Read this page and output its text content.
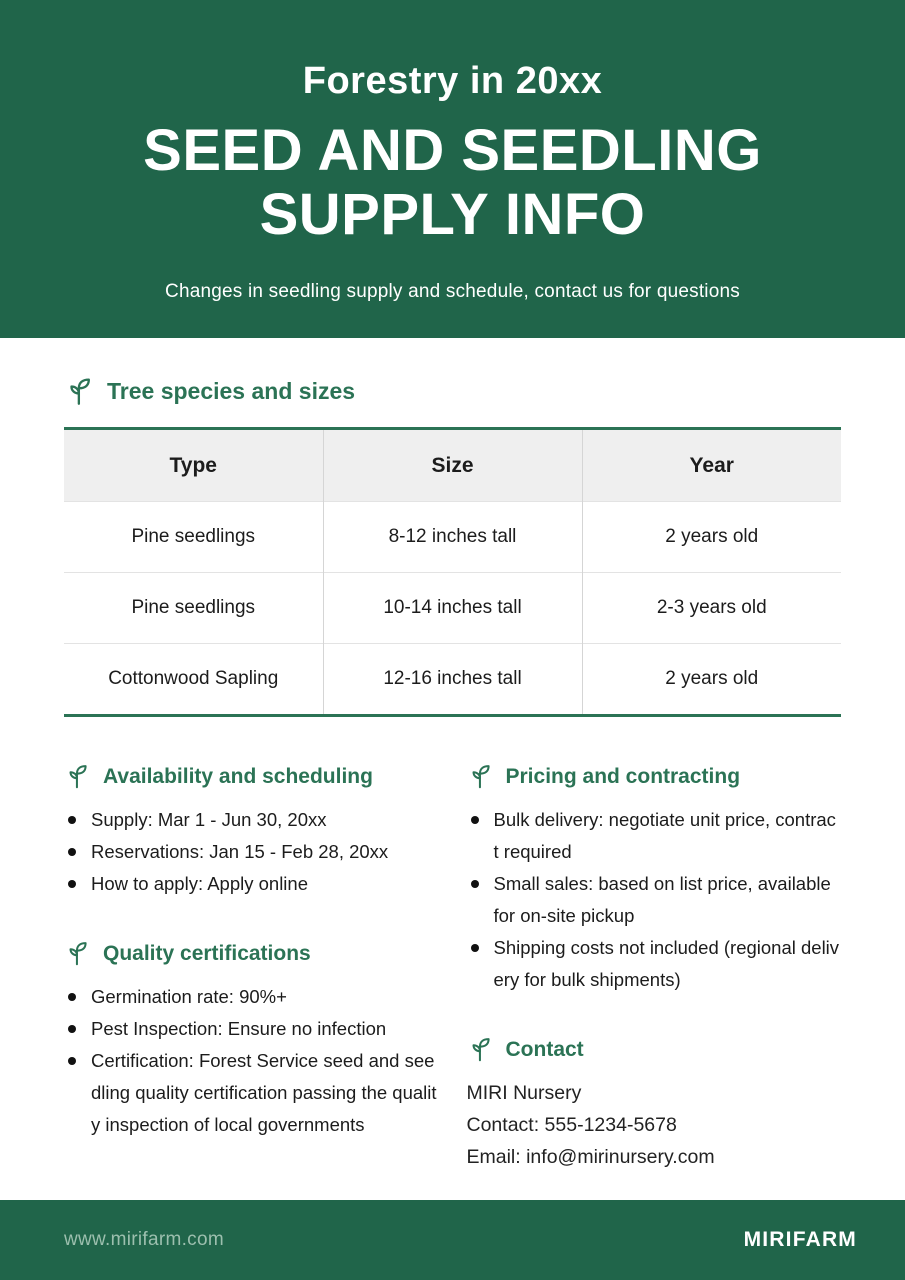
Forestry in 20xx
SEED AND SEEDLING SUPPLY INFO
Changes in seedling supply and schedule, contact us for questions
Tree species and sizes
Type	Size	Year
Pine seedlings	8-12 inches tall	2 years old
Pine seedlings	10-14 inches tall	2-3 years old
Cottonwood Sapling	12-16 inches tall	2 years old
Availability and scheduling
Supply: Mar 1 - Jun 30, 20xx
Reservations: Jan 15 - Feb 28, 20xx
How to apply: Apply online
Quality certifications
Germination rate: 90%+
Pest Inspection: Ensure no infection
Certification: Forest Service seed and seedling quality certification passing the quality inspection of local governments
Pricing and contracting
Bulk delivery: negotiate unit price, contract required
Small sales: based on list price, available for on-site pickup
Shipping costs not included (regional delivery for bulk shipments)
Contact
MIRI Nursery
Contact: 555-1234-5678
Email: info@mirinursery.com
www.mirifarm.com	MIRIFARM
